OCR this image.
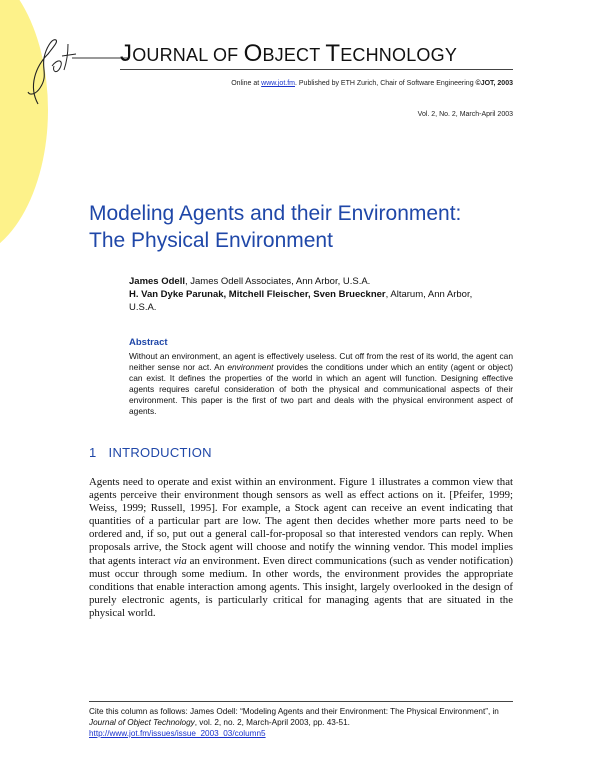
JOURNAL OF OBJECT TECHNOLOGY
Online at www.jot.fm. Published by ETH Zurich, Chair of Software Engineering ©JOT, 2003
Vol. 2, No. 2, March-April 2003
Modeling Agents and their Environment:
The Physical Environment
James Odell, James Odell Associates, Ann Arbor, U.S.A.
H. Van Dyke Parunak, Mitchell Fleischer, Sven Brueckner, Altarum, Ann Arbor, U.S.A.
Abstract
Without an environment, an agent is effectively useless. Cut off from the rest of its world, the agent can neither sense nor act. An environment provides the conditions under which an entity (agent or object) can exist. It defines the properties of the world in which an agent will function. Designing effective agents requires careful consideration of both the physical and communicational aspects of their environment. This paper is the first of two part and deals with the physical environment aspect of agents.
1 INTRODUCTION
Agents need to operate and exist within an environment. Figure 1 illustrates a common view that agents perceive their environment though sensors as well as effect actions on it. [Pfeifer, 1999; Weiss, 1999; Russell, 1995]. For example, a Stock agent can receive an event indicating that quantities of a particular part are low. The agent then decides whether more parts need to be ordered and, if so, put out a general call-for-proposal so that interested vendors can reply. When proposals arrive, the Stock agent will choose and notify the winning vendor. This model implies that agents interact via an environment. Even direct communications (such as vender notification) must occur through some medium. In other words, the environment provides the appropriate conditions that enable interaction among agents. This insight, largely overlooked in the design of purely electronic agents, is particularly critical for managing agents that are situated in the physical world.
Cite this column as follows: James Odell: “Modeling Agents and their Environment: The Physical Environment”, in Journal of Object Technology, vol. 2, no. 2, March-April 2003, pp. 43-51.
http://www.jot.fm/issues/issue_2003_03/column5
